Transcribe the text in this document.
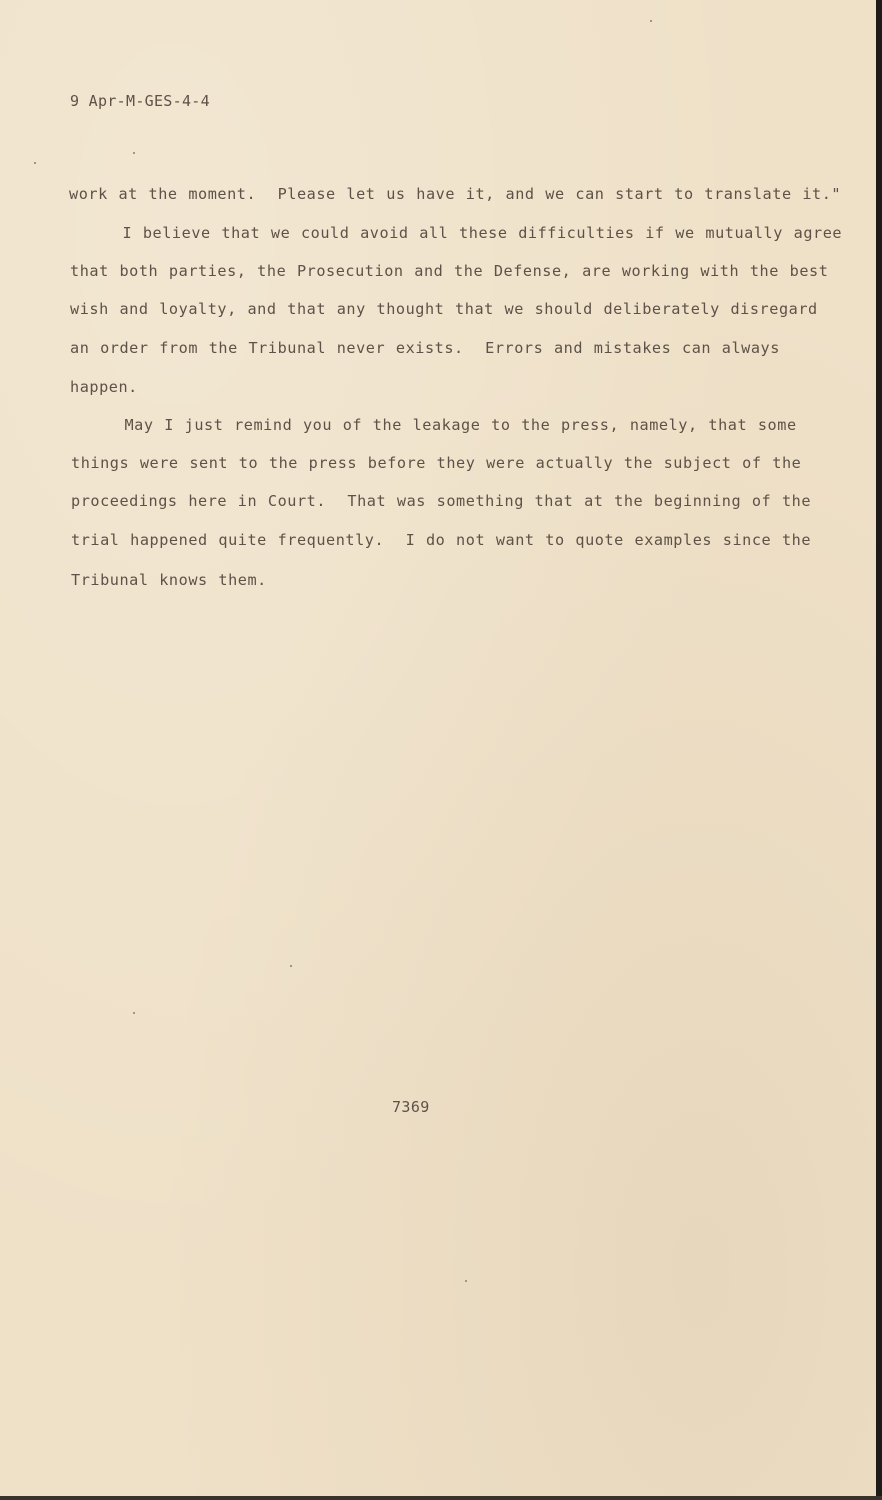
9 Apr-M-GES-4-4
work at the moment.  Please let us have it, and we can start to translate it."
I believe that we could avoid all these difficulties if we mutually agree
that both parties, the Prosecution and the Defense, are working with the best
wish and loyalty, and that any thought that we should deliberately disregard
an order from the Tribunal never exists.  Errors and mistakes can always
happen.
May I just remind you of the leakage to the press, namely, that some
things were sent to the press before they were actually the subject of the
proceedings here in Court.  That was something that at the beginning of the
trial happened quite frequently.  I do not want to quote examples since the
Tribunal knows them.
7369
